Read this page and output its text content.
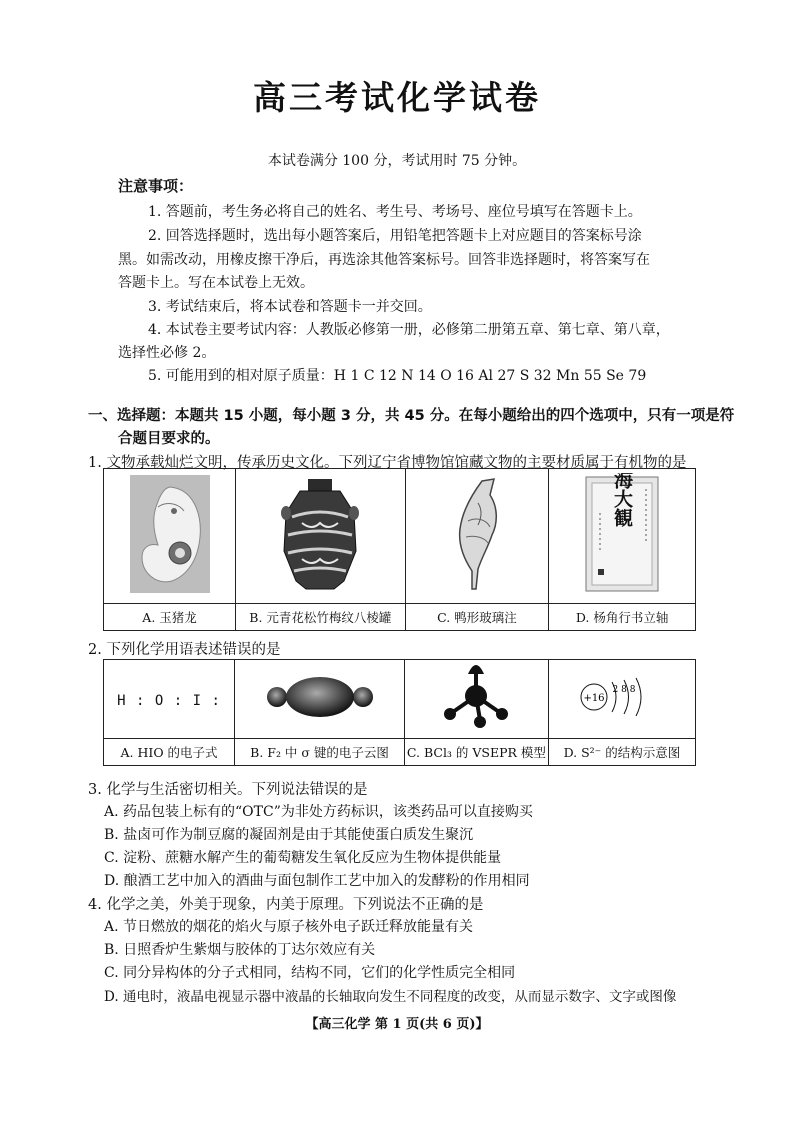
高三考试化学试卷
本试卷满分 100 分，考试用时 75 分钟。
注意事项：
1. 答题前，考生务必将自己的姓名、考生号、考场号、座位号填写在答题卡上。
2. 回答选择题时，选出每小题答案后，用铅笔把答题卡上对应题目的答案标号涂
黑。如需改动，用橡皮擦干净后，再选涂其他答案标号。回答非选择题时，将答案写在
答题卡上。写在本试卷上无效。
3. 考试结束后，将本试卷和答题卡一并交回。
4. 本试卷主要考试内容：人教版必修第一册，必修第二册第五章、第七章、第八章，
选择性必修 2。
5. 可能用到的相对原子质量：H 1 C 12 N 14 O 16 Al 27 S 32 Mn 55 Se 79
一、选择题：本题共 15 小题，每小题 3 分，共 45 分。在每小题给出的四个选项中，只有一项是符
合题目要求的。
1. 文物承载灿烂文明，传承历史文化。下列辽宁省博物馆馆藏文物的主要材质属于有机物的是

董海大観

A. 玉猪龙	B. 元青花松竹梅纹八棱罐	C. 鸭形玻璃注	D. 杨角行书立轴
2. 下列化学用语表述错误的是
H : O : I :			+16
2 8 8

A. HIO 的电子式	B. F₂ 中 σ 键的电子云图	C. BCl₃ 的 VSEPR 模型	D. S²⁻ 的结构示意图
3. 化学与生活密切相关。下列说法错误的是
A. 药品包装上标有的“OTC”为非处方药标识，该类药品可以直接购买
B. 盐卤可作为制豆腐的凝固剂是由于其能使蛋白质发生聚沉
C. 淀粉、蔗糖水解产生的葡萄糖发生氧化反应为生物体提供能量
D. 酿酒工艺中加入的酒曲与面包制作工艺中加入的发酵粉的作用相同
4. 化学之美，外美于现象，内美于原理。下列说法不正确的是
A. 节日燃放的烟花的焰火与原子核外电子跃迁释放能量有关
B. 日照香炉生紫烟与胶体的丁达尔效应有关
C. 同分异构体的分子式相同，结构不同，它们的化学性质完全相同
D. 通电时，液晶电视显示器中液晶的长轴取向发生不同程度的改变，从而显示数字、文字或图像
【高三化学 第 1 页(共 6 页)】
